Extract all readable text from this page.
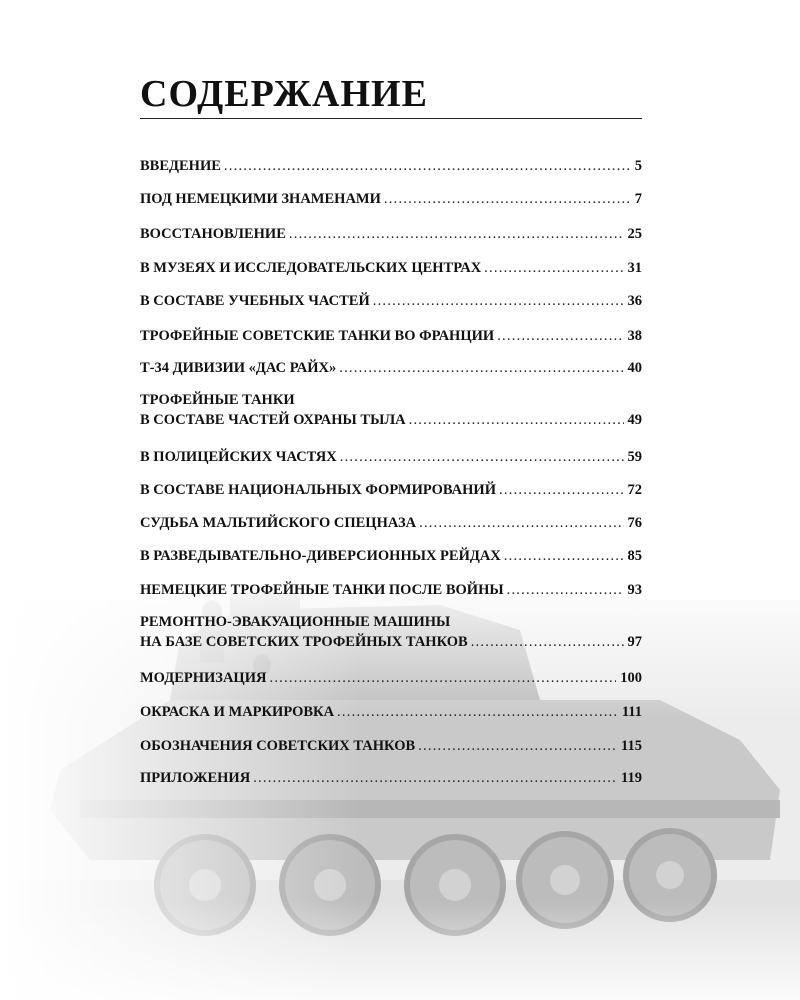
СОДЕРЖАНИЕ
ВВЕДЕНИЕ . . .	5
ПОД НЕМЕЦКИМИ ЗНАМЕНАМИ . . .	7
ВОССТАНОВЛЕНИЕ . . .	25
В МУЗЕЯХ И ИССЛЕДОВАТЕЛЬСКИХ ЦЕНТРАХ . . .	31
В СОСТАВЕ УЧЕБНЫХ ЧАСТЕЙ . . .	36
ТРОФЕЙНЫЕ СОВЕТСКИЕ ТАНКИ ВО ФРАНЦИИ . . .	38
Т-34 ДИВИЗИИ «ДАС РАЙХ» . . .	40
ТРОФЕЙНЫЕ ТАНКИ
В СОСТАВЕ ЧАСТЕЙ ОХРАНЫ ТЫЛА . . .	49
В ПОЛИЦЕЙСКИХ ЧАСТЯХ . . .	59
В СОСТАВЕ НАЦИОНАЛЬНЫХ ФОРМИРОВАНИЙ . . .	72
СУДЬБА МАЛЬТИЙСКОГО СПЕЦНАЗА . . .	76
В РАЗВЕДЫВАТЕЛЬНО-ДИВЕРСИОННЫХ РЕЙДАХ . . .	85
НЕМЕЦКИЕ ТРОФЕЙНЫЕ ТАНКИ ПОСЛЕ ВОЙНЫ . . .	93
РЕМОНТНО-ЭВАКУАЦИОННЫЕ МАШИНЫ
НА БАЗЕ СОВЕТСКИХ ТРОФЕЙНЫХ ТАНКОВ . . .	97
МОДЕРНИЗАЦИЯ . . .	100
ОКРАСКА И МАРКИРОВКА . . .	111
ОБОЗНАЧЕНИЯ СОВЕТСКИХ ТАНКОВ . . .	115
ПРИЛОЖЕНИЯ . . .	119
